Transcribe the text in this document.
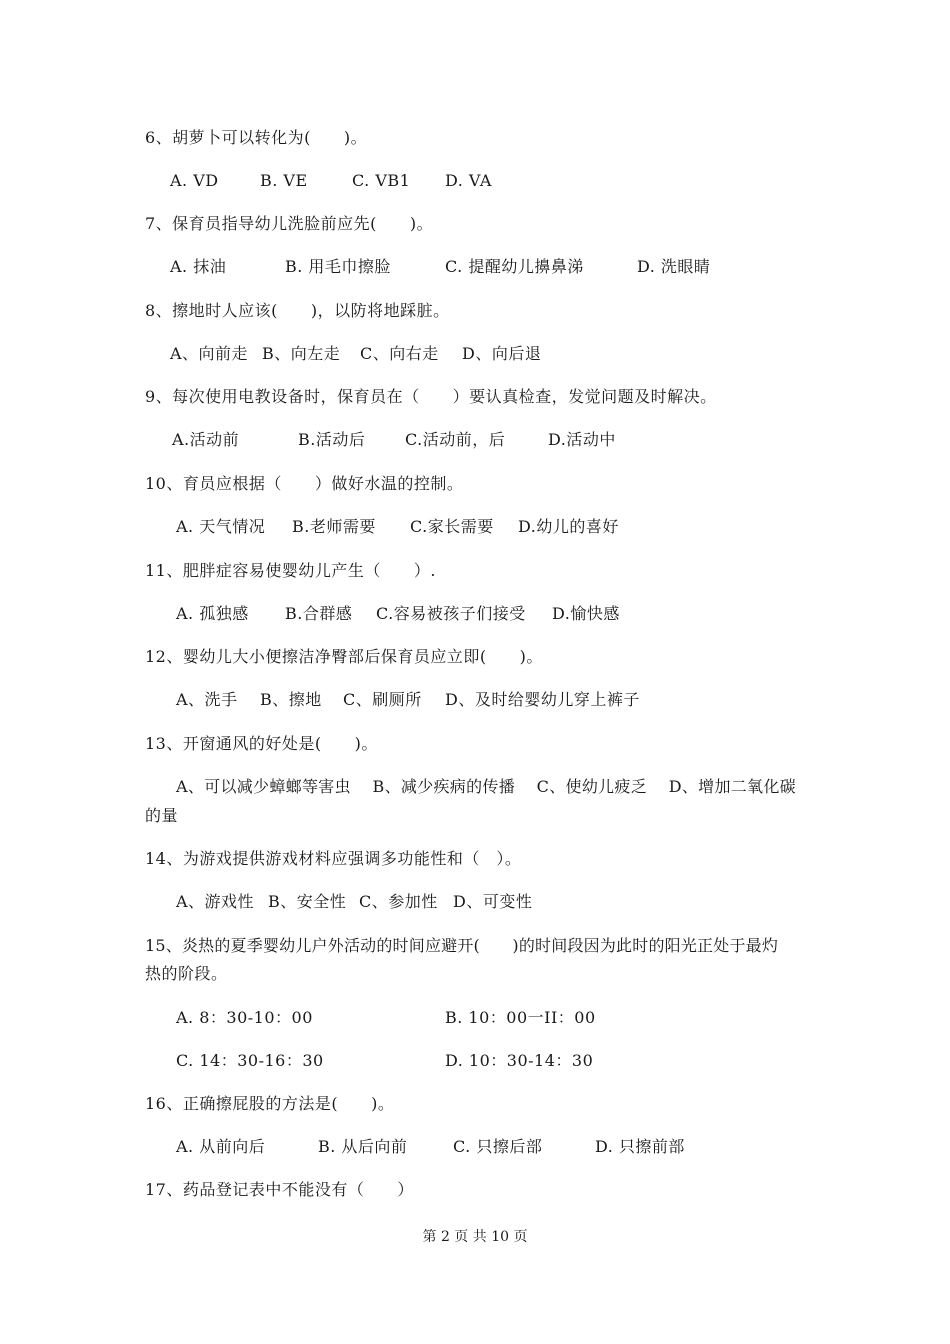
6、胡萝卜可以转化为(　　)。
A. VD	B. VE	C. VB1 D. VA
7、保育员指导幼儿洗脸前应先(　　)。
A. 抹油	B. 用毛巾擦脸	C. 提醒幼儿擤鼻涕	D. 洗眼睛
8、擦地时人应该(　　)，以防将地踩脏。
A、向前走 B、向左走 C、向右走 D、向后退
9、每次使用电教设备时，保育员在（　　）要认真检查，发觉问题及时解决。
A.活动前	B.活动后 C.活动前，后	D.活动中
10、育员应根据（　　）做好水温的控制。
A. 天气情况 B.老师需要 C.家长需要 D.幼儿的喜好
11、肥胖症容易使婴幼儿产生（　　）.
A. 孤独感 B.合群感 C.容易被孩子们接受 D.愉快感
12、婴幼儿大小便擦洁净臀部后保育员应立即(　　)。
A、洗手 B、擦地 C、刷厕所 D、及时给婴幼儿穿上裤子
13、开窗通风的好处是(　　)。
A、可以减少蟑螂等害虫　 B、减少疾病的传播　 C、使幼儿疲乏　 D、增加二氧化碳
的量
14、为游戏提供游戏材料应强调多功能性和（　）。
A、游戏性 B、安全性 C、参加性 D、可变性
15、炎热的夏季婴幼儿户外活动的时间应避开(　　)的时间段因为此时的阳光正处于最灼
热的阶段。
A. 8：30-10：00	B. 10：00一II：00
C. 14：30-16：30	D. 10：30-14：30
16、正确擦屁股的方法是(　　)。
A. 从前向后	B. 从后向前	C. 只擦后部	D. 只擦前部
17、药品登记表中不能没有（　　）
第 2 页 共 10 页
